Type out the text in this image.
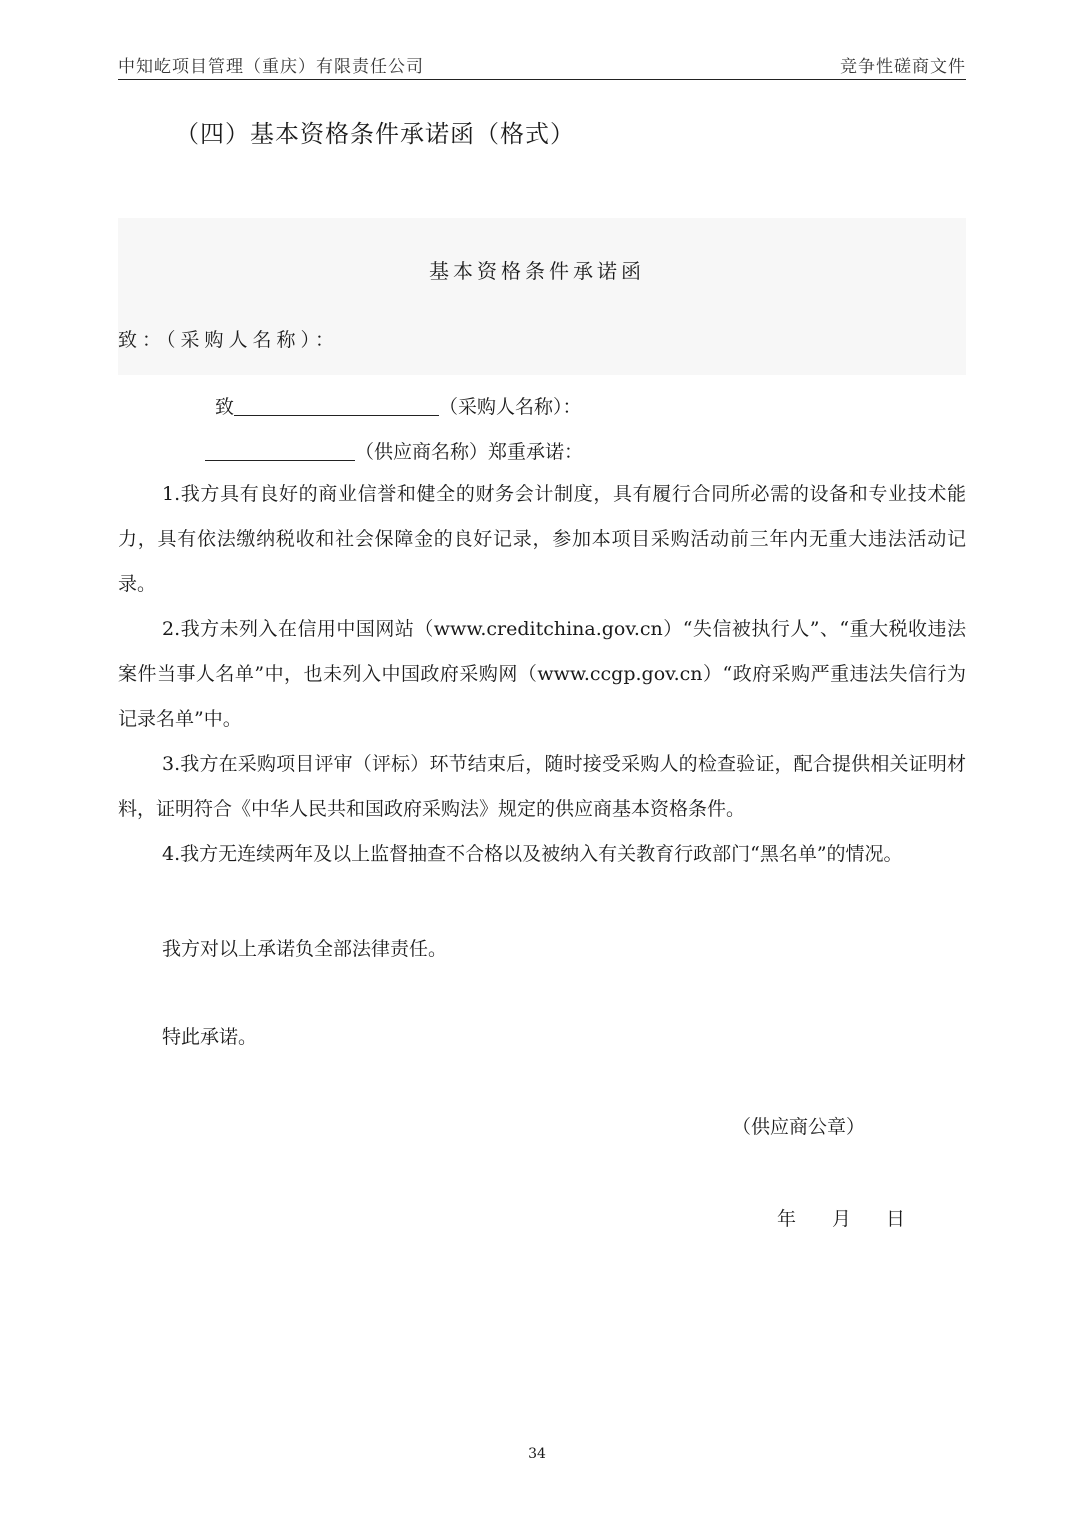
中知屹项目管理（重庆）有限责任公司	竞争性磋商文件
（四）基本资格条件承诺函（格式）
基本资格条件承诺函
致：（采购人名称）：
致	（采购人名称）：
（供应商名称）郑重承诺：
1.我方具有良好的商业信誉和健全的财务会计制度，具有履行合同所必需的设备和专业技术能力，具有依法缴纳税收和社会保障金的良好记录，参加本项目采购活动前三年内无重大违法活动记录。
2.我方未列入在信用中国网站（www.creditchina.gov.cn）“失信被执行人”、“重大税收违法案件当事人名单”中，也未列入中国政府采购网（www.ccgp.gov.cn）“政府采购严重违法失信行为记录名单”中。
3.我方在采购项目评审（评标）环节结束后，随时接受采购人的检查验证，配合提供相关证明材料，证明符合《中华人民共和国政府采购法》规定的供应商基本资格条件。
4.我方无连续两年及以上监督抽查不合格以及被纳入有关教育行政部门“黑名单”的情况。
我方对以上承诺负全部法律责任。
特此承诺。
（供应商公章）
年 月 日
34
